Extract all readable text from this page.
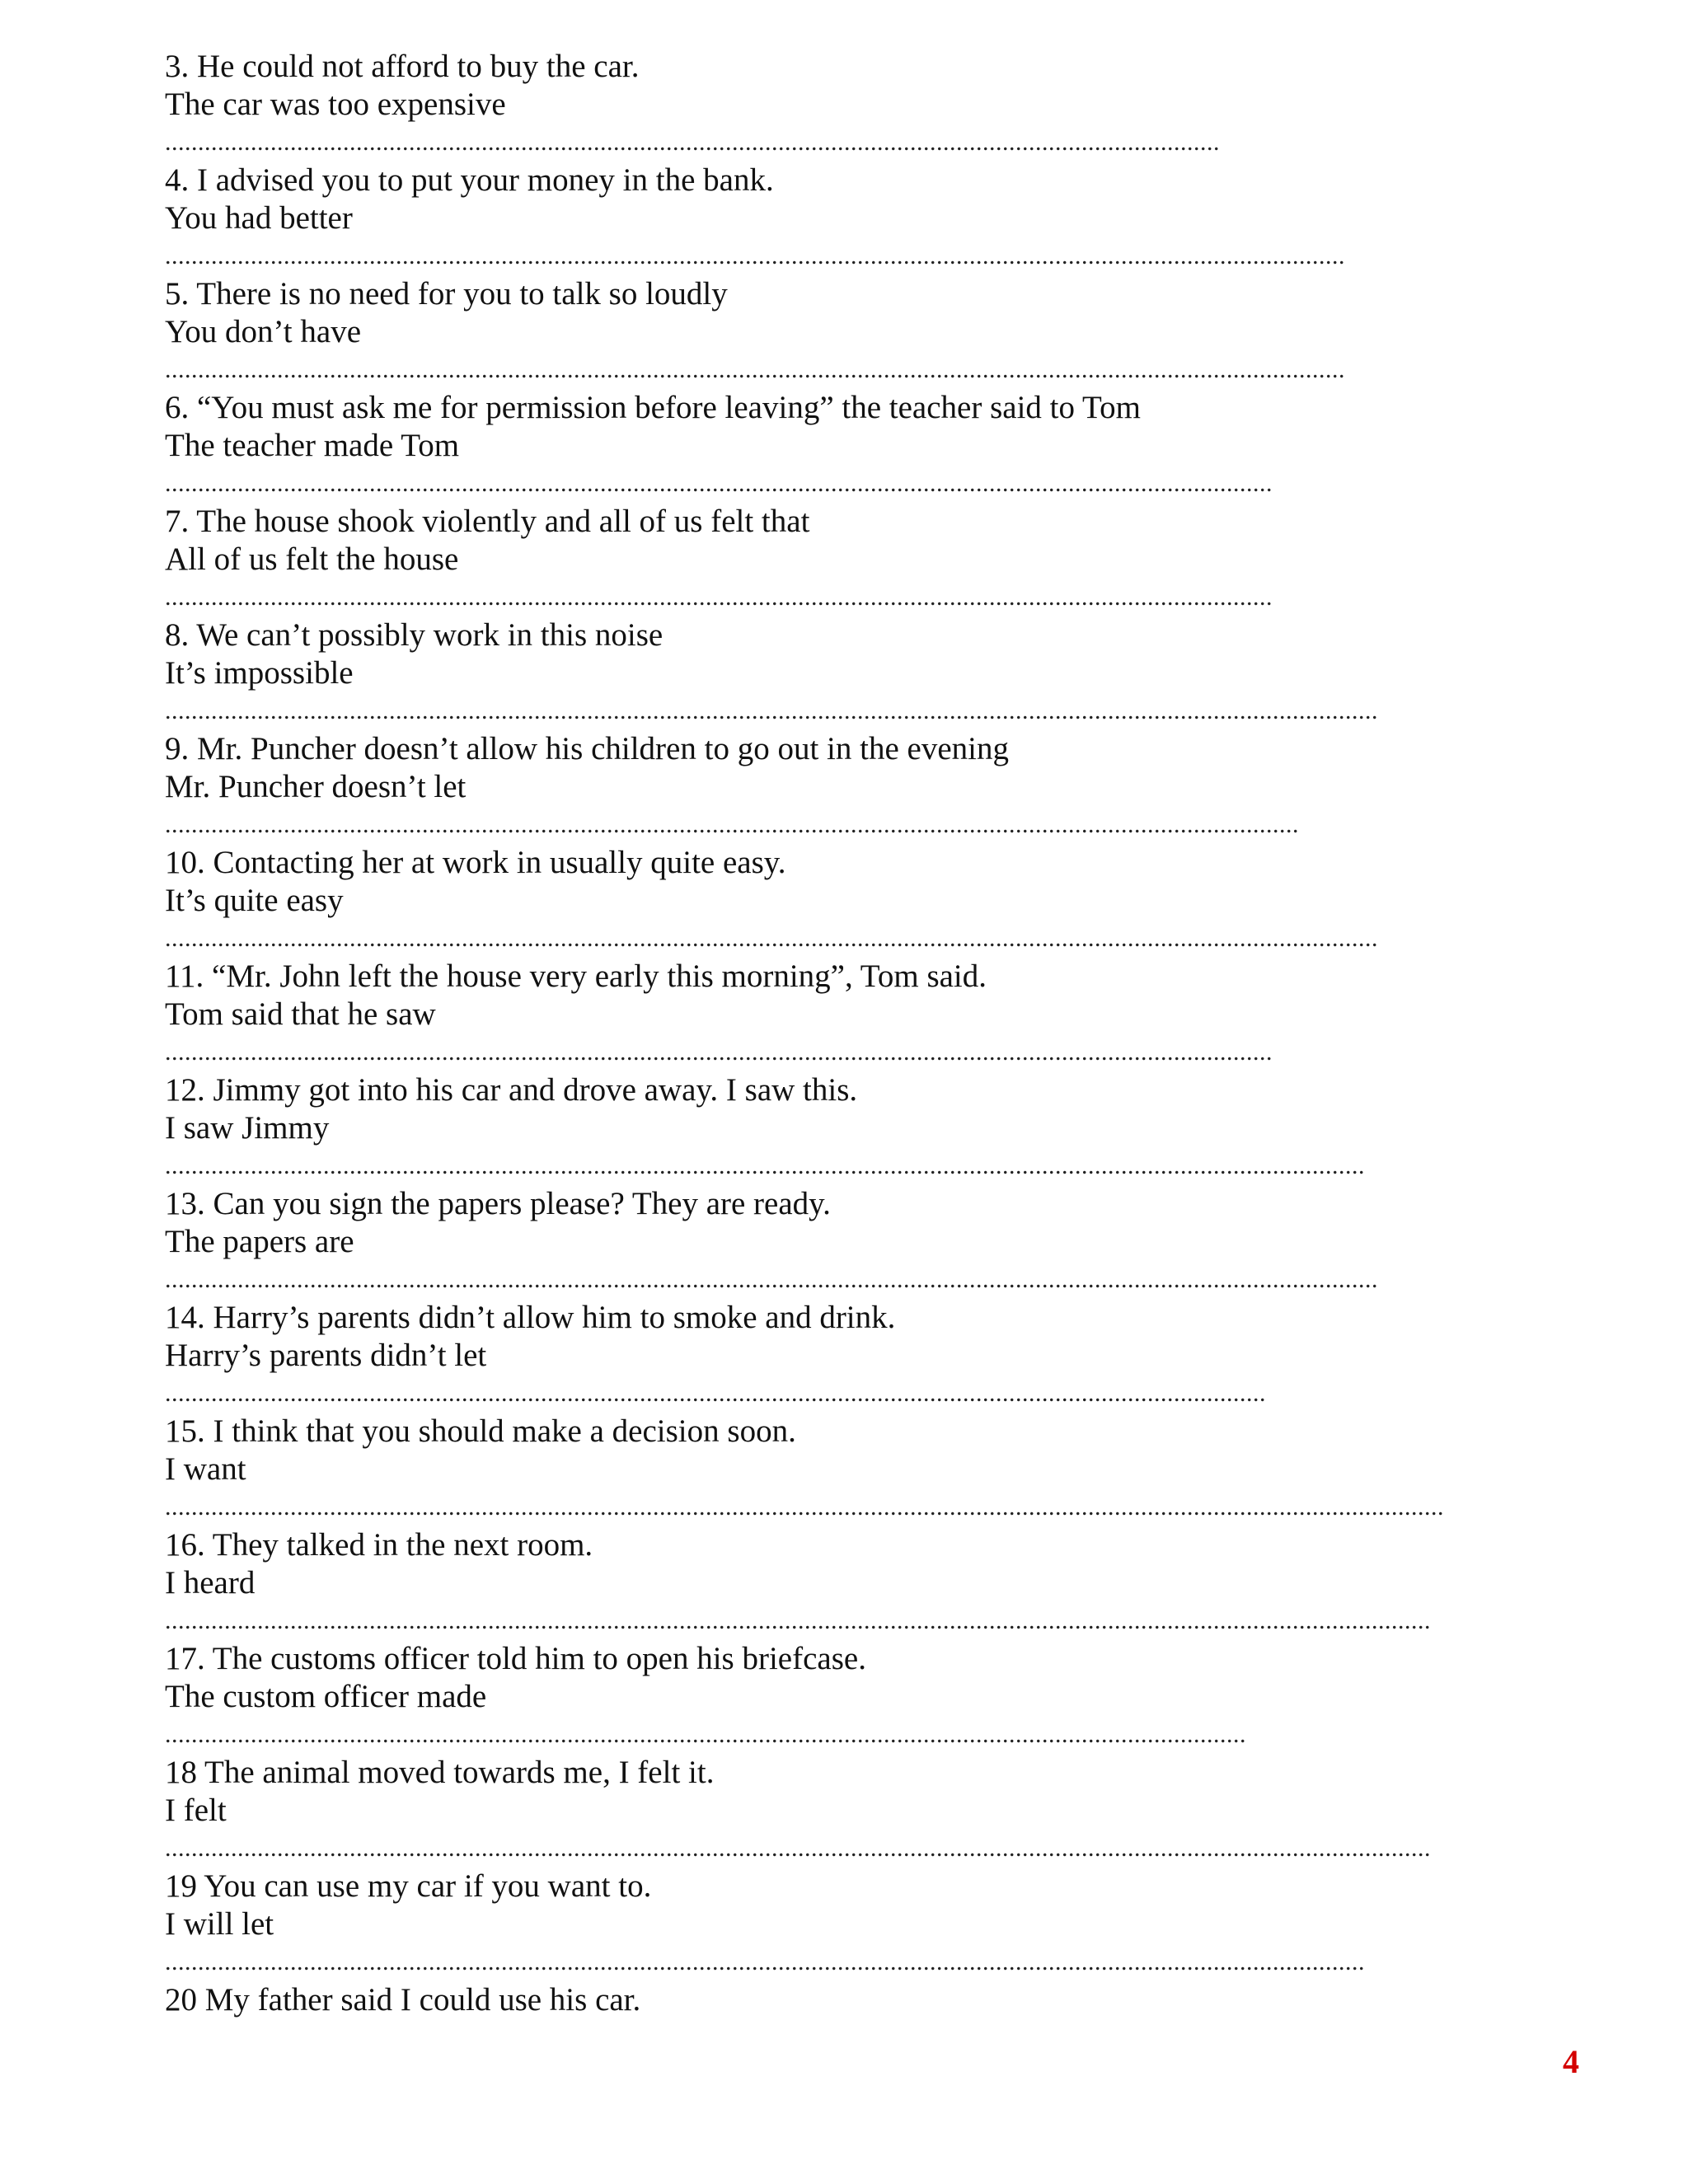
3. He could not afford to buy the car.
The car was too expensive
................................................................................................................................................................
4. I advised you to put your money in the bank.
You had better
...................................................................................................................................................................................
5. There is no need for you to talk so loudly
You don’t have
...................................................................................................................................................................................
6. “You must ask me for permission before leaving” the teacher said to Tom
The teacher made Tom
........................................................................................................................................................................
7. The house shook violently and all of us felt that
All of us felt the house
........................................................................................................................................................................
8. We can’t possibly work in this noise
It’s impossible
........................................................................................................................................................................................
9. Mr. Puncher doesn’t allow his children to go out in the evening
Mr. Puncher doesn’t let
............................................................................................................................................................................
10. Contacting her at work in usually quite easy.
It’s quite easy
........................................................................................................................................................................................
11. “Mr. John left the house very early this morning”, Tom said.
Tom said that he saw
........................................................................................................................................................................
12. Jimmy got into his car and drove away. I saw this.
I saw Jimmy
......................................................................................................................................................................................
13. Can you sign the papers please? They are ready.
The papers are
........................................................................................................................................................................................
14. Harry’s parents didn’t allow him to smoke and drink.
Harry’s parents didn’t let
.......................................................................................................................................................................
15. I think that you should make a decision soon.
I want
..................................................................................................................................................................................................
16. They talked in the next room.
I heard
................................................................................................................................................................................................
17. The customs officer told him to open his briefcase.
The custom officer made
....................................................................................................................................................................
18 The animal moved towards me, I felt it.
I felt
................................................................................................................................................................................................
19 You can use my car if you want to.
I will let
......................................................................................................................................................................................
20 My father said I could use his car.
4
